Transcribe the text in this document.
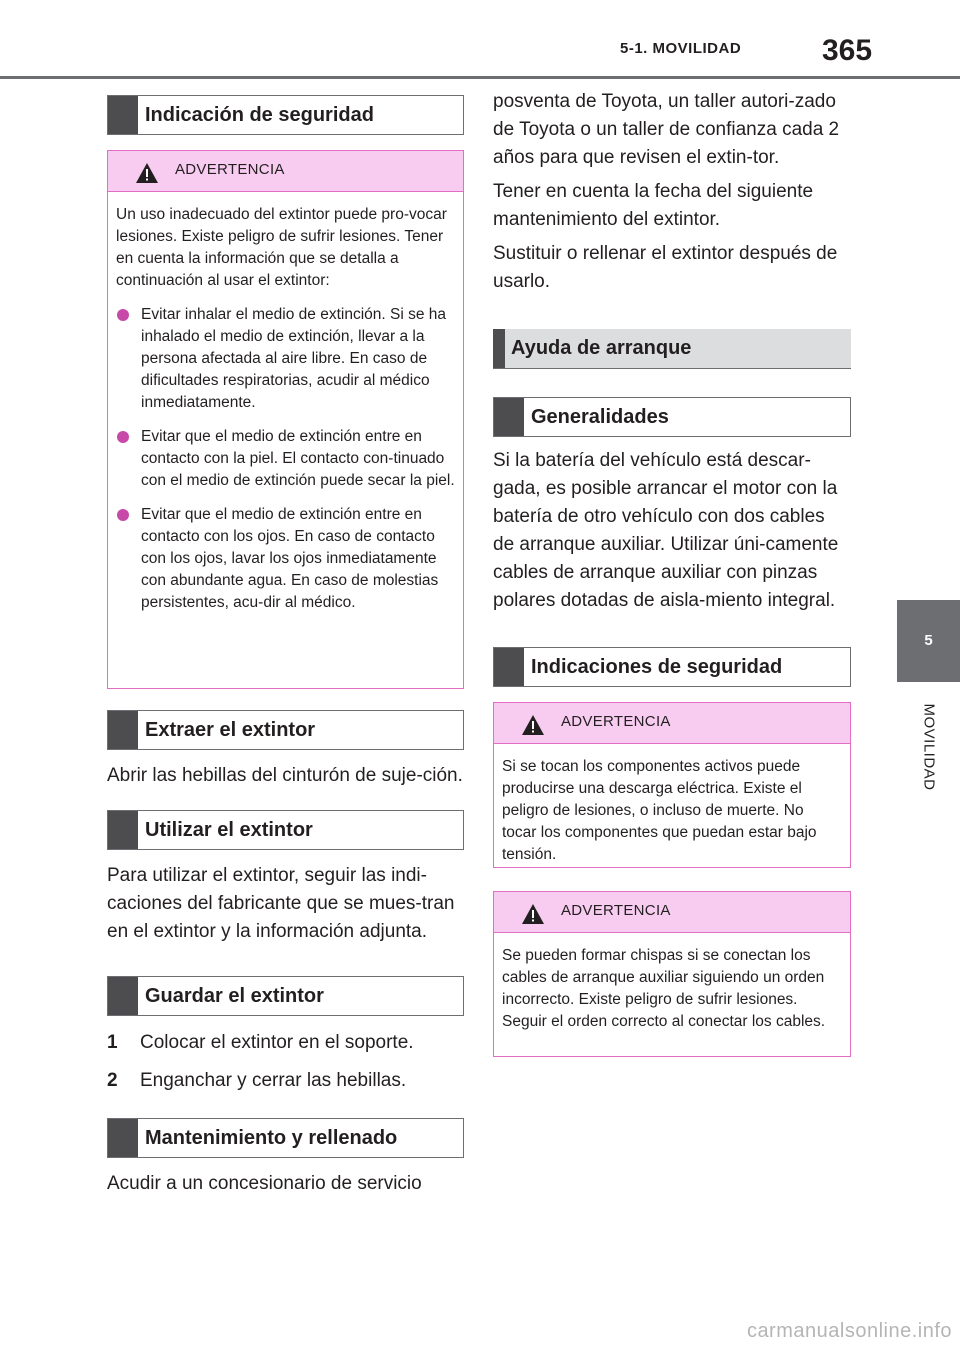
5-1. MOVILIDAD	365
5
MOVILIDAD
Indicación de seguridad
ADVERTENCIA

Un uso inadecuado del extintor puede pro-vocar lesiones. Existe peligro de sufrir lesiones. Tener en cuenta la información que se detalla a continuación al usar el extintor:

Evitar inhalar el medio de extinción. Si se ha inhalado el medio de extinción, llevar a la persona afectada al aire libre. En caso de dificultades respiratorias, acudir al médico inmediatamente.
Evitar que el medio de extinción entre en contacto con la piel. El contacto con-tinuado con el medio de extinción puede secar la piel.
Evitar que el medio de extinción entre en contacto con los ojos. En caso de contacto con los ojos, lavar los ojos inmediatamente con abundante agua. En caso de molestias persistentes, acu-dir al médico.
Extraer el extintor

Abrir las hebillas del cinturón de suje-ción.

Utilizar el extintor

Para utilizar el extintor, seguir las indi-caciones del fabricante que se mues-tran en el extintor y la información adjunta.

Guardar el extintor
1 Colocar el extintor en el soporte.
2 Enganchar y cerrar las hebillas.
Mantenimiento y rellenado

Acudir a un concesionario de servicio

posventa de Toyota, un taller autori-zado de Toyota o un taller de confianza cada 2 años para que revisen el extin-tor.

Tener en cuenta la fecha del siguiente mantenimiento del extintor.

Sustituir o rellenar el extintor después de usarlo.

Ayuda de arranque
Generalidades

Si la batería del vehículo está descar-gada, es posible arrancar el motor con la batería de otro vehículo con dos cables de arranque auxiliar. Utilizar úni-camente cables de arranque auxiliar con pinzas polares dotadas de aisla-miento integral.

Indicaciones de seguridad
ADVERTENCIA

Si se tocan los componentes activos puede producirse una descarga eléctrica. Existe el peligro de lesiones, o incluso de muerte. No tocar los componentes que puedan estar bajo tensión.

ADVERTENCIA

Se pueden formar chispas si se conectan los cables de arranque auxiliar siguiendo un orden incorrecto. Existe peligro de sufrir lesiones. Seguir el orden correcto al conectar los cables.

carmanualsonline.info
